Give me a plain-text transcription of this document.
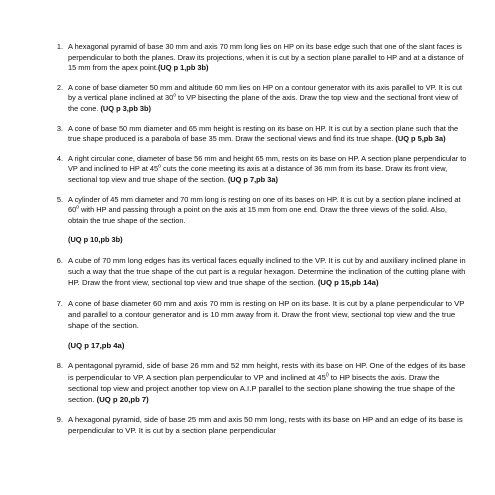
1. A hexagonal pyramid of base 30 mm and axis 70 mm long lies on HP on its base edge such that one of the slant faces is perpendicular to both the planes. Draw its projections, when it is cut by a section plane parallel to HP and at a distance of 15 mm from the apex point.(UQ p 1,pb 3b)
2. A cone of base diameter 50 mm and altitude 60 mm lies on HP on a contour generator with its axis parallel to VP. It is cut by a vertical plane inclined at 30$^o$ to VP bisecting the plane of the axis. Draw the top view and the sectional front view of the cone. (UQ p 3,pb 3b)
3. A cone of base 50 mm diameter and 65 mm height is resting on its base on HP. It is cut by a section plane such that the true shape produced is a parabola of base 35 mm. Draw the sectional views and find its true shape. (UQ p 5,pb 3a)
4. A right circular cone, diameter of base 56 mm and height 65 mm, rests on its base on HP. A section plane perpendicular to VP and inclined to HP at 45$^o$ cuts the cone meeting its axis at a distance of 36 mm from its base. Draw its front view, sectional top view and true shape of the section. (UQ p 7,pb 3a)
5. A cylinder of 45 mm diameter and 70 mm long is resting on one of its bases on HP. It is cut by a section plane inclined at 60$^o$ with HP and passing through a point on the axis at 15 mm from one end. Draw the three views of the solid. Also, obtain the true shape of the section.
(UQ p 10,pb 3b)
6. A cube of 70 mm long edges has its vertical faces equally inclined to the VP. It is cut by and auxiliary inclined plane in such a way that the true shape of the cut part is a regular hexagon. Determine the inclination of the cutting plane with HP. Draw the front view, sectional top view and true shape of the section. (UQ p 15,pb 14a)
7. A cone of base diameter 60 mm and axis 70 mm is resting on HP on its base. It is cut by a plane perpendicular to VP and parallel to a contour generator and is 10 mm away from it. Draw the front view, sectional top view and the true shape of the section.
(UQ p 17,pb 4a)
8. A pentagonal pyramid, side of base 26 mm and 52 mm height, rests with its base on HP. One of the edges of its base is perpendicular to VP. A section plan perpendicular to VP and inclined at $45^0$ to HP bisects the axis. Draw the sectional top view and project another top view on A.I.P parallel to the section plane showing the true shape of the section. (UQ p 20,pb 7)
9. A hexagonal pyramid, side of base 25 mm and axis 50 mm long, rests with its base on HP and an edge of its base is perpendicular to VP. It is cut by a section plane perpendicular
